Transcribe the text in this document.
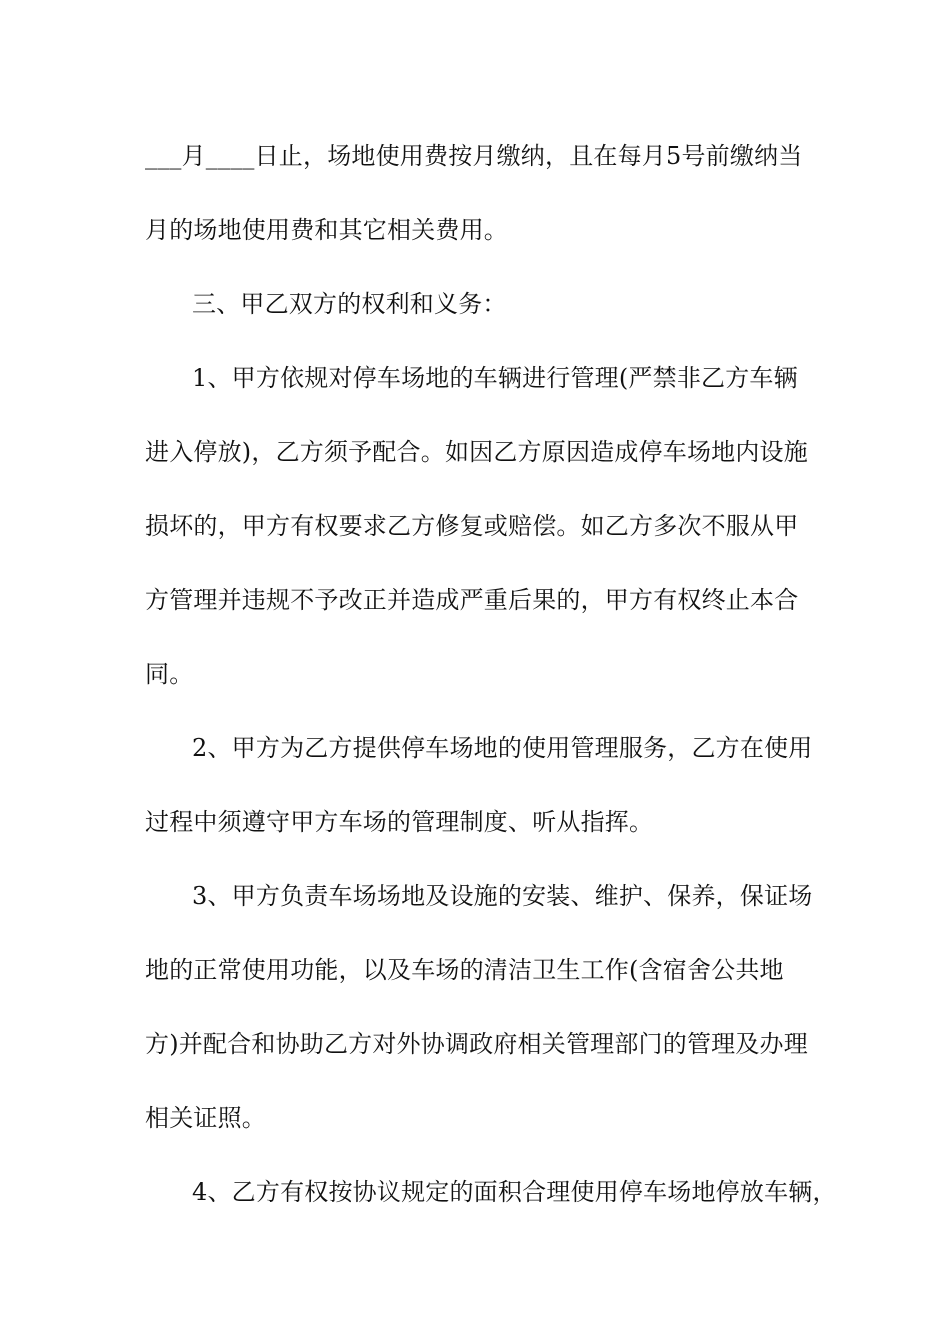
___月____日止，场地使用费按月缴纳，且在每月5号前缴纳当
月的场地使用费和其它相关费用。
三、甲乙双方的权利和义务：
1、甲方依规对停车场地的车辆进行管理(严禁非乙方车辆
进入停放)，乙方须予配合。如因乙方原因造成停车场地内设施
损坏的，甲方有权要求乙方修复或赔偿。如乙方多次不服从甲
方管理并违规不予改正并造成严重后果的，甲方有权终止本合
同。
2、甲方为乙方提供停车场地的使用管理服务，乙方在使用
过程中须遵守甲方车场的管理制度、听从指挥。
3、甲方负责车场场地及设施的安装、维护、保养，保证场
地的正常使用功能，以及车场的清洁卫生工作(含宿舍公共地
方)并配合和协助乙方对外协调政府相关管理部门的管理及办理
相关证照。
4、乙方有权按协议规定的面积合理使用停车场地停放车辆，
